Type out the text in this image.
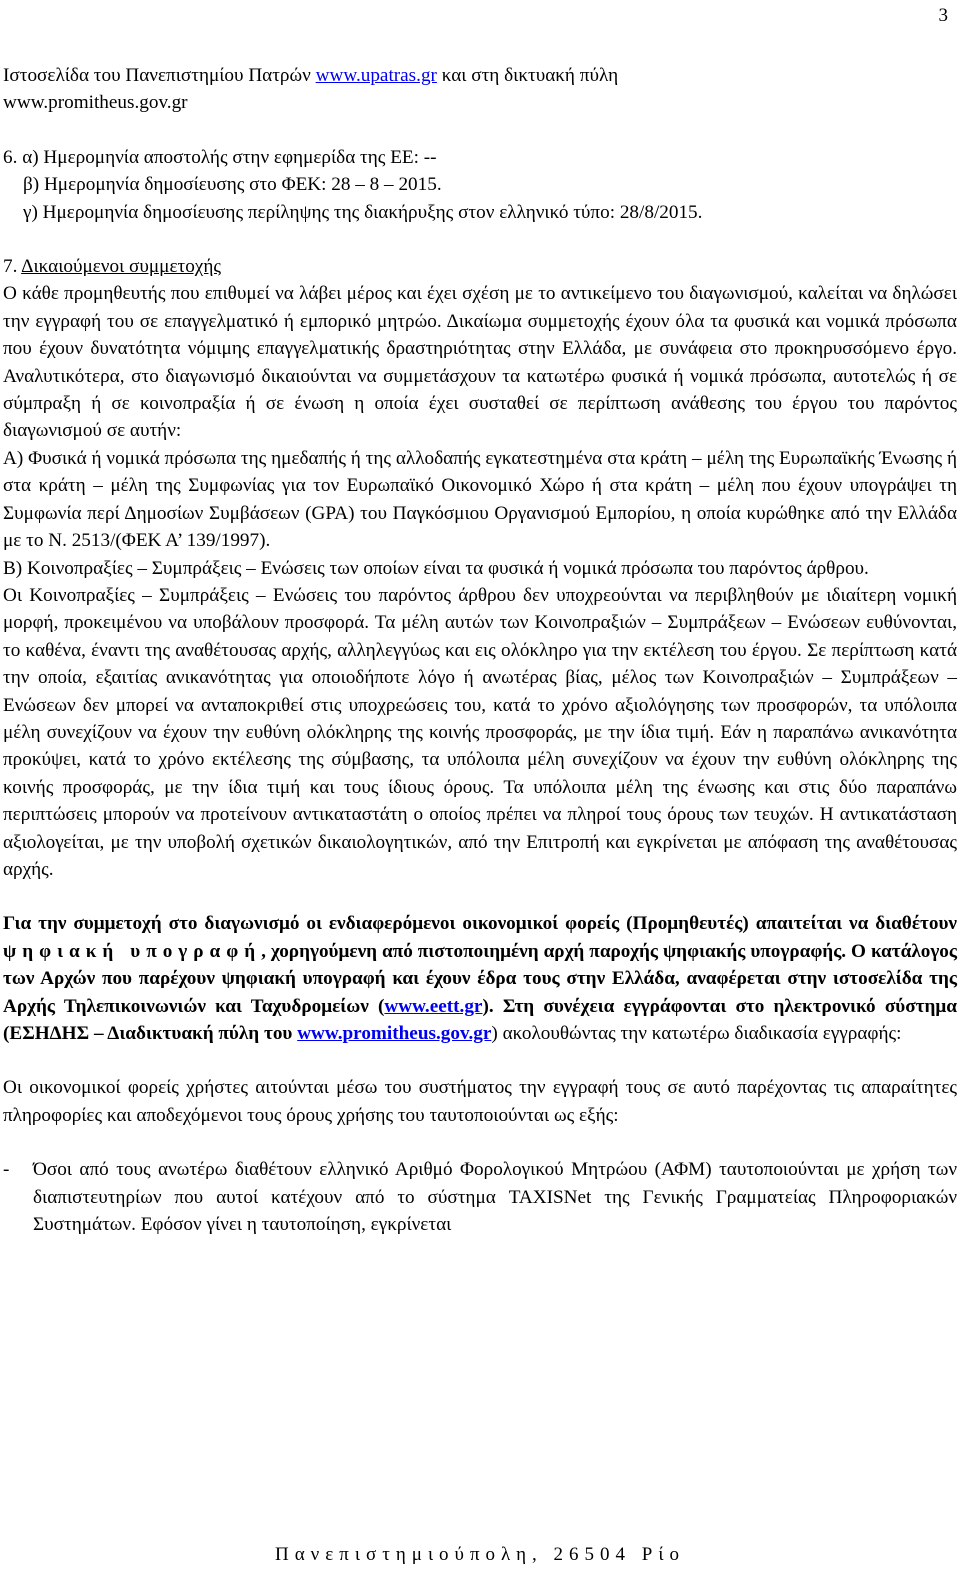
3

Ιστοσελίδα του Πανεπιστημίου Πατρών www.upatras.gr και στη δικτυακή πύλη
www.promitheus.gov.gr

6. α) Ημερομηνία αποστολής στην εφημερίδα της ΕΕ: --

β) Ημερομηνία δημοσίευσης στο ΦΕΚ: 28 – 8 – 2015.

γ) Ημερομηνία δημοσίευσης περίληψης της διακήρυξης στον ελληνικό τύπο: 28/8/2015.

7. Δικαιούμενοι συμμετοχής

Ο κάθε προμηθευτής που επιθυμεί να λάβει μέρος και έχει σχέση με το αντικείμενο του διαγωνισμού, καλείται να δηλώσει την εγγραφή του σε επαγγελματικό ή εμπορικό μητρώο. Δικαίωμα συμμετοχής έχουν όλα τα φυσικά και νομικά πρόσωπα που έχουν δυνατότητα νόμιμης επαγγελματικής δραστηριότητας στην Ελλάδα, με συνάφεια στο προκηρυσσόμενο έργο. Αναλυτικότερα, στο διαγωνισμό δικαιούνται να συμμετάσχουν τα κατωτέρω φυσικά ή νομικά πρόσωπα, αυτοτελώς ή σε σύμπραξη ή σε κοινοπραξία ή σε ένωση η οποία έχει συσταθεί σε περίπτωση ανάθεσης του έργου του παρόντος διαγωνισμού σε αυτήν:

Α) Φυσικά ή νομικά πρόσωπα της ημεδαπής ή της αλλοδαπής εγκατεστημένα στα κράτη – μέλη της Ευρωπαϊκής Ένωσης ή στα κράτη – μέλη της Συμφωνίας για τον Ευρωπαϊκό Οικονομικό Χώρο ή στα κράτη – μέλη που έχουν υπογράψει τη Συμφωνία περί Δημοσίων Συμβάσεων (GPA) του Παγκόσμιου Οργανισμού Εμπορίου, η οποία κυρώθηκε από την Ελλάδα με το Ν. 2513/(ΦΕΚ Α’ 139/1997).

Β) Κοινοπραξίες – Συμπράξεις – Ενώσεις των οποίων είναι τα φυσικά ή νομικά πρόσωπα του παρόντος άρθρου.

Οι Κοινοπραξίες – Συμπράξεις – Ενώσεις του παρόντος άρθρου δεν υποχρεούνται να περιβληθούν με ιδιαίτερη νομική μορφή, προκειμένου να υποβάλουν προσφορά. Τα μέλη αυτών των Κοινοπραξιών – Συμπράξεων – Ενώσεων ευθύνονται, το καθένα, έναντι της αναθέτουσας αρχής, αλληλεγγύως και εις ολόκληρο για την εκτέλεση του έργου. Σε περίπτωση κατά την οποία, εξαιτίας ανικανότητας για οποιοδήποτε λόγο ή ανωτέρας βίας, μέλος των Κοινοπραξιών – Συμπράξεων – Ενώσεων δεν μπορεί να ανταποκριθεί στις υποχρεώσεις του, κατά το χρόνο αξιολόγησης των προσφορών, τα υπόλοιπα μέλη συνεχίζουν να έχουν την ευθύνη ολόκληρης της κοινής προσφοράς, με την ίδια τιμή. Εάν η παραπάνω ανικανότητα προκύψει, κατά το χρόνο εκτέλεσης της σύμβασης, τα υπόλοιπα μέλη συνεχίζουν να έχουν την ευθύνη ολόκληρης της κοινής προσφοράς, με την ίδια τιμή και τους ίδιους όρους. Τα υπόλοιπα μέλη της ένωσης και στις δύο παραπάνω περιπτώσεις μπορούν να προτείνουν αντικαταστάτη ο οποίος πρέπει να πληροί τους όρους των τευχών. Η αντικατάσταση αξιολογείται, με την υποβολή σχετικών δικαιολογητικών, από την Επιτροπή και εγκρίνεται με απόφαση της αναθέτουσας αρχής.

Για την συμμετοχή στο διαγωνισμό οι ενδιαφερόμενοι οικονομικοί φορείς (Προμηθευτές) απαιτείται να διαθέτουν ψηφιακή υπογραφή, χορηγούμενη από πιστοποιημένη αρχή παροχής ψηφιακής υπογραφής. Ο κατάλογος των Αρχών που παρέχουν ψηφιακή υπογραφή και έχουν έδρα τους στην Ελλάδα, αναφέρεται στην ιστοσελίδα της Αρχής Τηλεπικοινωνιών και Ταχυδρομείων (www.eett.gr). Στη συνέχεια εγγράφονται στο ηλεκτρονικό σύστημα (ΕΣΗΔΗΣ – Διαδικτυακή πύλη του www.promitheus.gov.gr) ακολουθώντας την κατωτέρω διαδικασία εγγραφής:

Οι οικονομικοί φορείς χρήστες αιτούνται μέσω του συστήματος την εγγραφή τους σε αυτό παρέχοντας τις απαραίτητες πληροφορίες και αποδεχόμενοι τους όρους χρήσης του ταυτοποιούνται ως εξής:

-	Όσοι από τους ανωτέρω διαθέτουν ελληνικό Αριθμό Φορολογικού Μητρώου (ΑΦΜ) ταυτοποιούνται με χρήση των διαπιστευτηρίων που αυτοί κατέχουν από το σύστημα TAXISNet της Γενικής Γραμματείας Πληροφοριακών Συστημάτων. Εφόσον γίνει η ταυτοποίηση, εγκρίνεται
Πανεπιστημιούπολη, 26504 Ρίο
